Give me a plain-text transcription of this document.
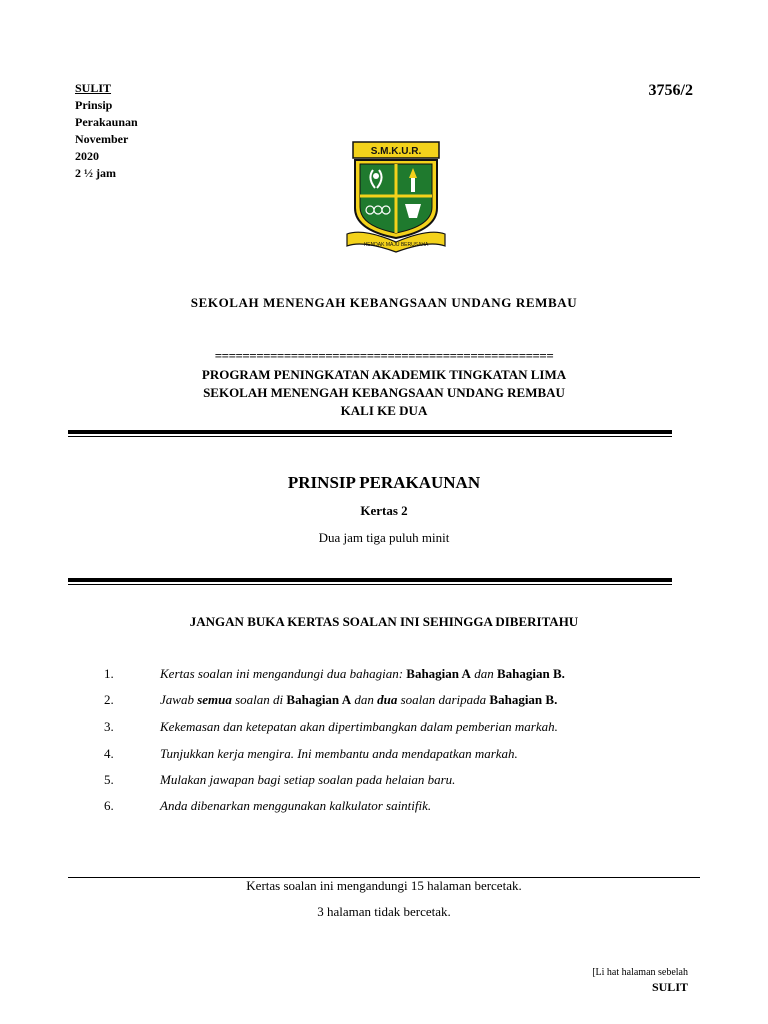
SULIT
Prinsip
Perakaunan
November
2020
2 ½ jam
3756/2
S.M.K.U.R.
HENDAK MAJU BERUSAHA
SEKOLAH MENENGAH KEBANGSAAN UNDANG REMBAU
=================================================
PROGRAM PENINGKATAN AKADEMIK TINGKATAN LIMA
SEKOLAH MENENGAH KEBANGSAAN UNDANG REMBAU
KALI KE DUA
PRINSIP PERAKAUNAN
Kertas 2
Dua jam tiga puluh minit
JANGAN BUKA KERTAS SOALAN INI SEHINGGA DIBERITAHU
1.	Kertas soalan ini mengandungi dua bahagian: Bahagian A dan Bahagian B.
2.	Jawab semua soalan di Bahagian A dan dua soalan daripada Bahagian B.
3.	Kekemasan dan ketepatan akan dipertimbangkan dalam pemberian markah.
4.	Tunjukkan kerja mengira. Ini membantu anda mendapatkan markah.
5.	Mulakan jawapan bagi setiap soalan pada helaian baru.
6.	Anda dibenarkan menggunakan kalkulator saintifik.
Kertas soalan ini mengandungi 15 halaman bercetak.
3 halaman tidak bercetak.
[Li hat halaman sebelah
SULIT
